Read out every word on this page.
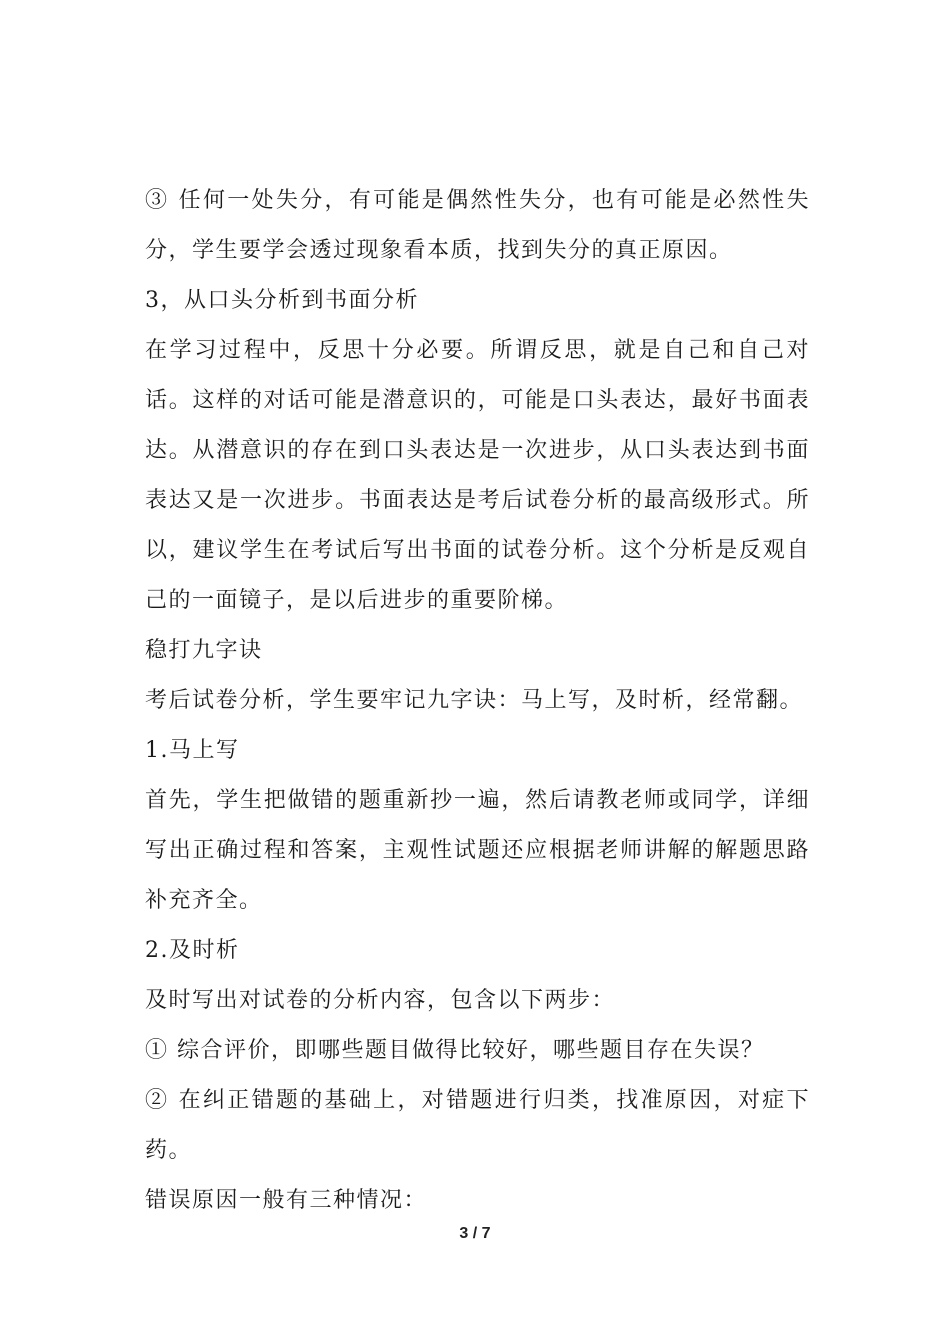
③ 任何一处失分，有可能是偶然性失分，也有可能是必然性失分，学生要学会透过现象看本质，找到失分的真正原因。

3，从口头分析到书面分析

在学习过程中，反思十分必要。所谓反思，就是自己和自己对话。这样的对话可能是潜意识的，可能是口头表达，最好书面表达。从潜意识的存在到口头表达是一次进步，从口头表达到书面表达又是一次进步。书面表达是考后试卷分析的最高级形式。所以，建议学生在考试后写出书面的试卷分析。这个分析是反观自己的一面镜子，是以后进步的重要阶梯。

稳打九字诀

考后试卷分析，学生要牢记九字诀：马上写，及时析，经常翻。

1.马上写

首先，学生把做错的题重新抄一遍，然后请教老师或同学，详细写出正确过程和答案，主观性试题还应根据老师讲解的解题思路补充齐全。

2.及时析

及时写出对试卷的分析内容，包含以下两步：

① 综合评价，即哪些题目做得比较好，哪些题目存在失误？

② 在纠正错题的基础上，对错题进行归类，找准原因，对症下药。

错误原因一般有三种情况：

3 / 7
